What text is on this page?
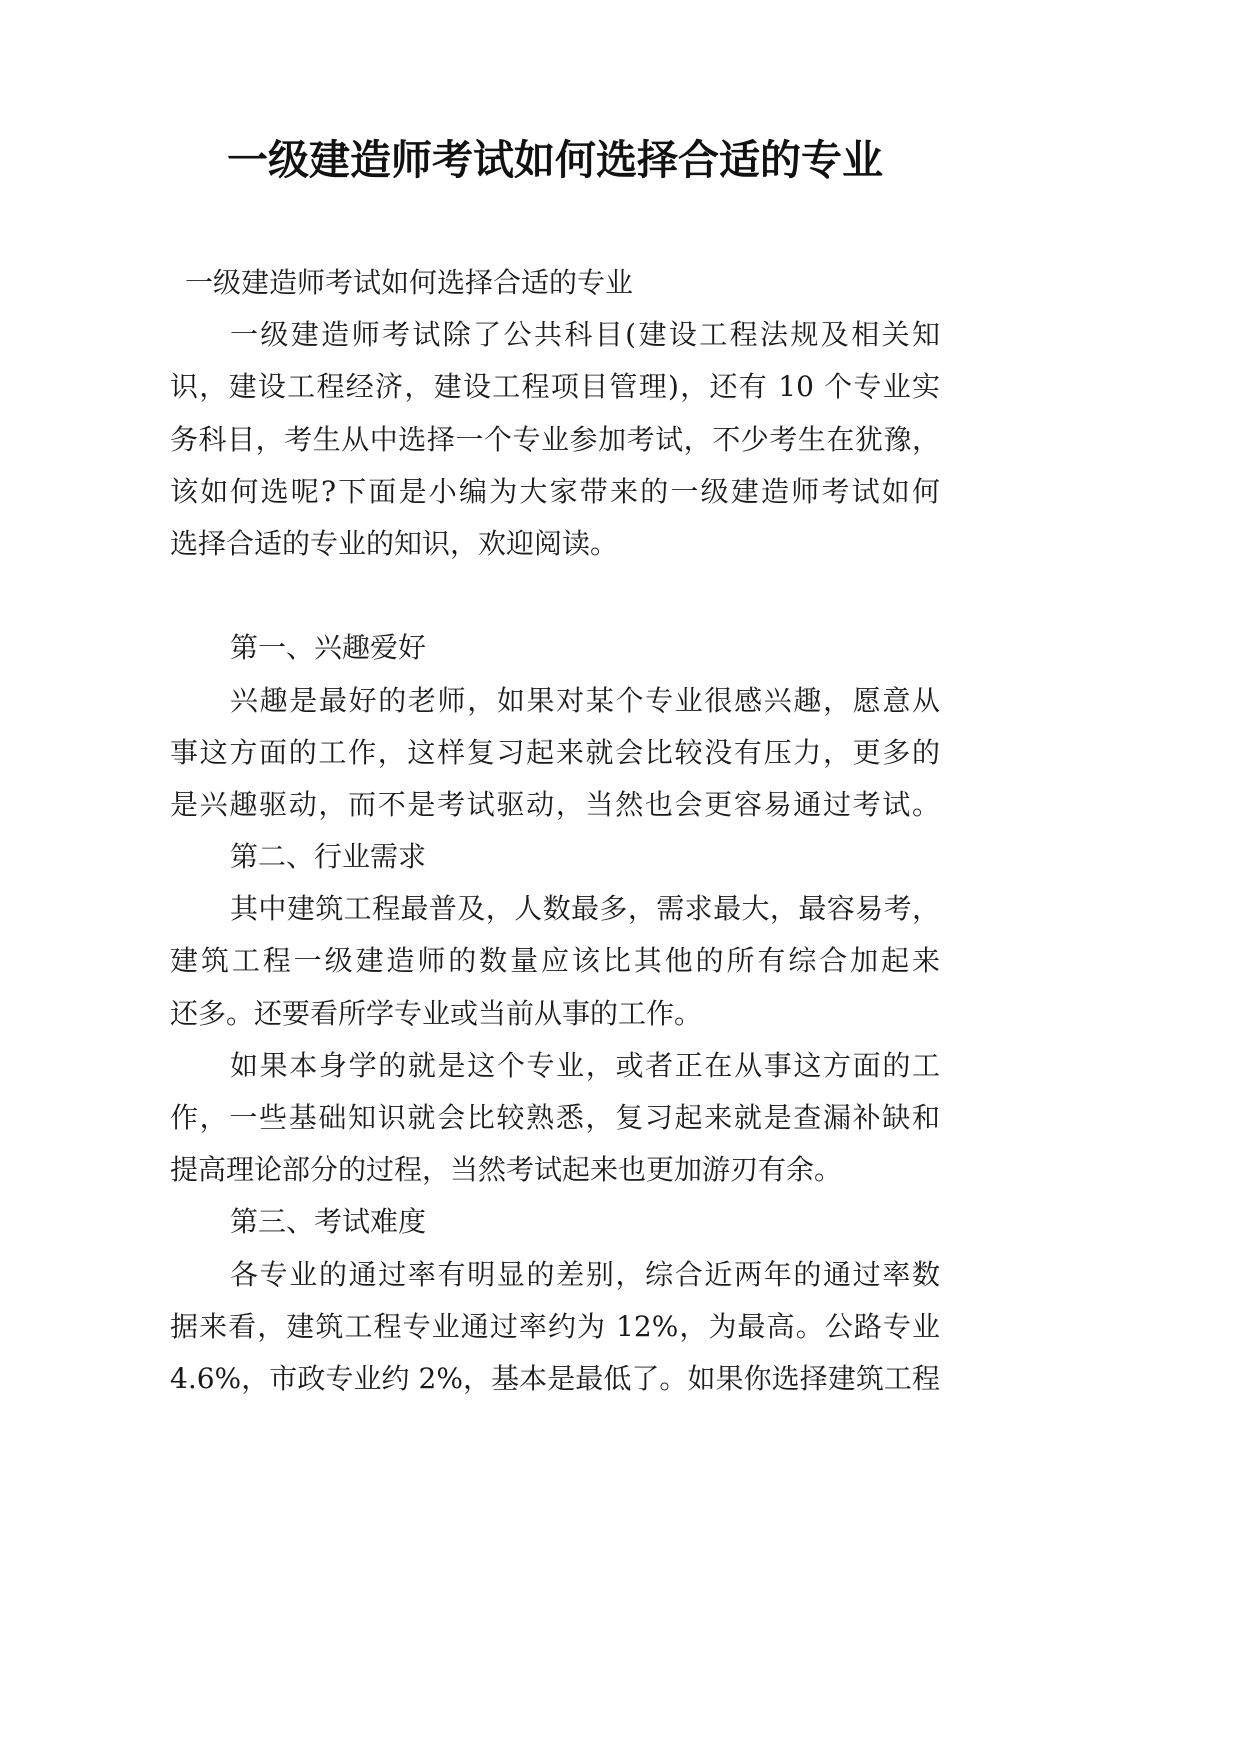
一级建造师考试如何选择合适的专业
一级建造师考试如何选择合适的专业
一级建造师考试除了公共科目(建设工程法规及相关知
识，建设工程经济，建设工程项目管理)，还有 10 个专业实
务科目，考生从中选择一个专业参加考试，不少考生在犹豫，
该如何选呢?下面是小编为大家带来的一级建造师考试如何
选择合适的专业的知识，欢迎阅读。
第一、兴趣爱好
兴趣是最好的老师，如果对某个专业很感兴趣，愿意从
事这方面的工作，这样复习起来就会比较没有压力，更多的
是兴趣驱动，而不是考试驱动，当然也会更容易通过考试。
第二、行业需求
其中建筑工程最普及，人数最多，需求最大，最容易考，
建筑工程一级建造师的数量应该比其他的所有综合加起来
还多。还要看所学专业或当前从事的工作。
如果本身学的就是这个专业，或者正在从事这方面的工
作，一些基础知识就会比较熟悉，复习起来就是查漏补缺和
提高理论部分的过程，当然考试起来也更加游刃有余。
第三、考试难度
各专业的通过率有明显的差别，综合近两年的通过率数
据来看，建筑工程专业通过率约为 12%，为最高。公路专业
4.6%，市政专业约 2%，基本是最低了。如果你选择建筑工程
